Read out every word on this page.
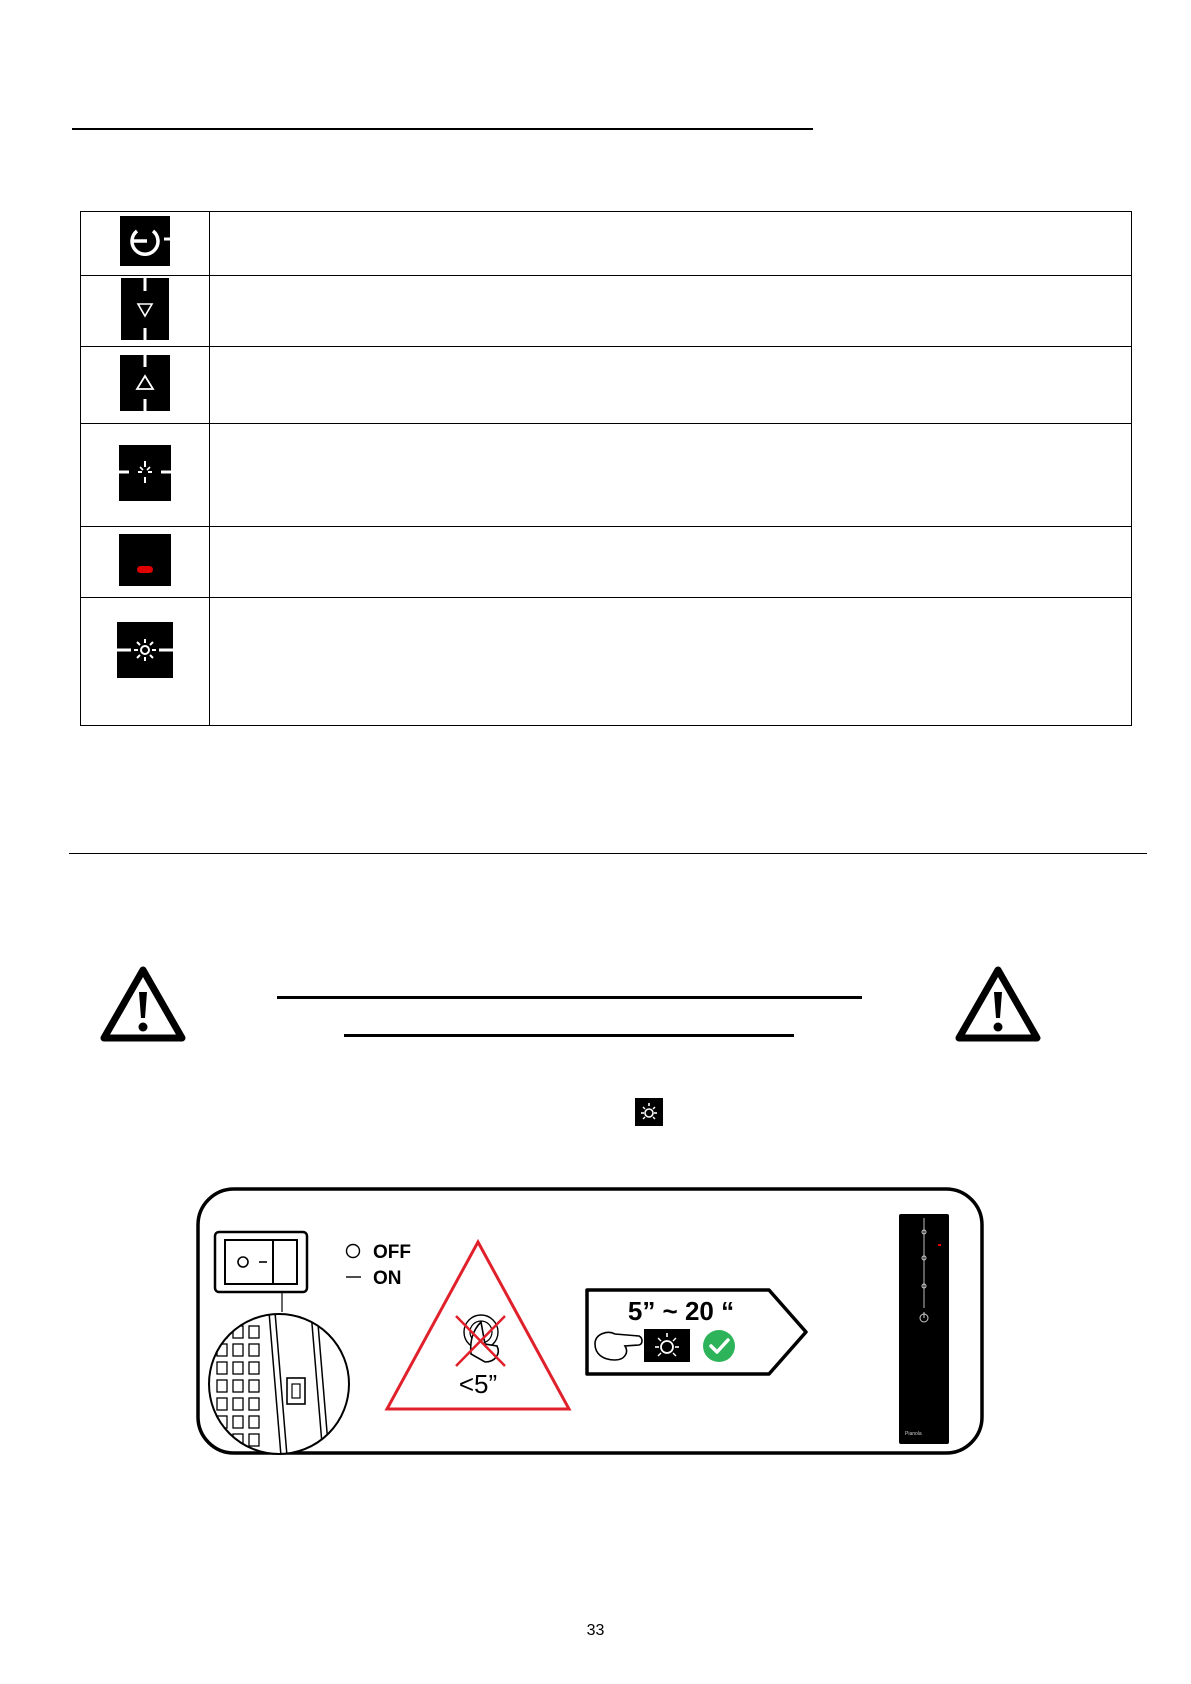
OFF
ON
<5”
5” ~ 20 “
Pianola
33
